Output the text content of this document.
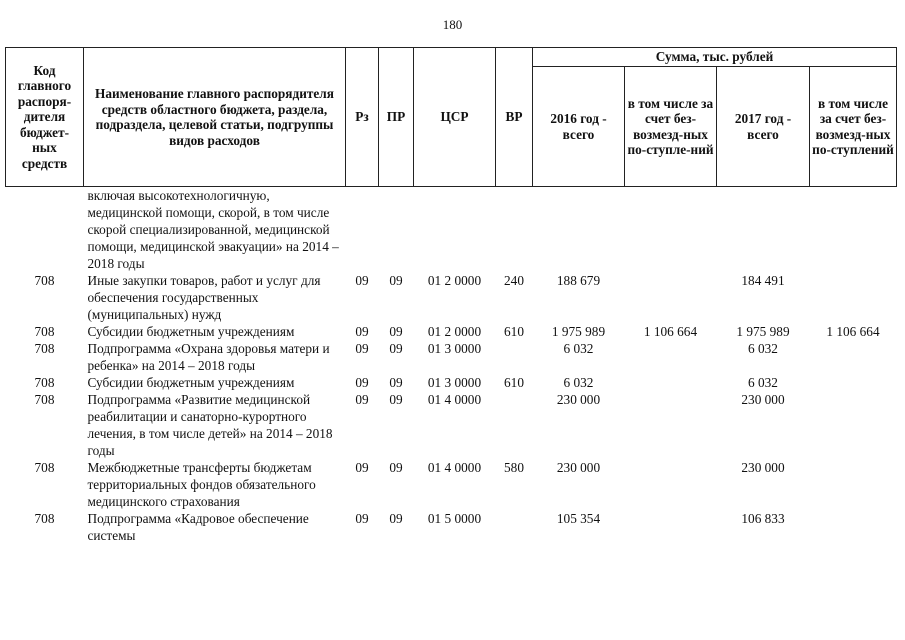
180
Код главного распоря-дителя бюджет-ных средств	Наименование главного распорядителя средств областного бюджета, раздела, подраздела, целевой статьи, подгруппы видов расходов	Рз	ПР	ЦСР	ВР	Сумма, тыс. рублей			
						2016 год - всего	в том числе за счет без-возмезд-ных по-ступле-ний	2017 год - всего	в том числе за счет без-возмезд-ных по-ступлений
	включая высокотехнологичную, медицинской помощи, скорой, в том числе скорой специализированной, медицинской помощи, медицинской эвакуации» на 2014 – 2018 годы								
708	Иные закупки товаров, работ и услуг для обеспечения государственных (муниципальных) нужд	09	09	01 2 0000	240	188 679		184 491	
708	Субсидии бюджетным учреждениям	09	09	01 2 0000	610	1 975 989	1 106 664	1 975 989	1 106 664
708	Подпрограмма «Охрана здоровья матери и ребенка» на 2014 – 2018 годы	09	09	01 3 0000		6 032		6 032	
708	Субсидии бюджетным учреждениям	09	09	01 3 0000	610	6 032		6 032	
708	Подпрограмма «Развитие медицинской реабилитации и санаторно-курортного лечения, в том числе детей» на 2014 – 2018 годы	09	09	01 4 0000		230 000		230 000	
708	Межбюджетные трансферты бюджетам территориальных фондов обязательного медицинского страхования	09	09	01 4 0000	580	230 000		230 000	
708	Подпрограмма «Кадровое обеспечение системы	09	09	01 5 0000		105 354		106 833	
